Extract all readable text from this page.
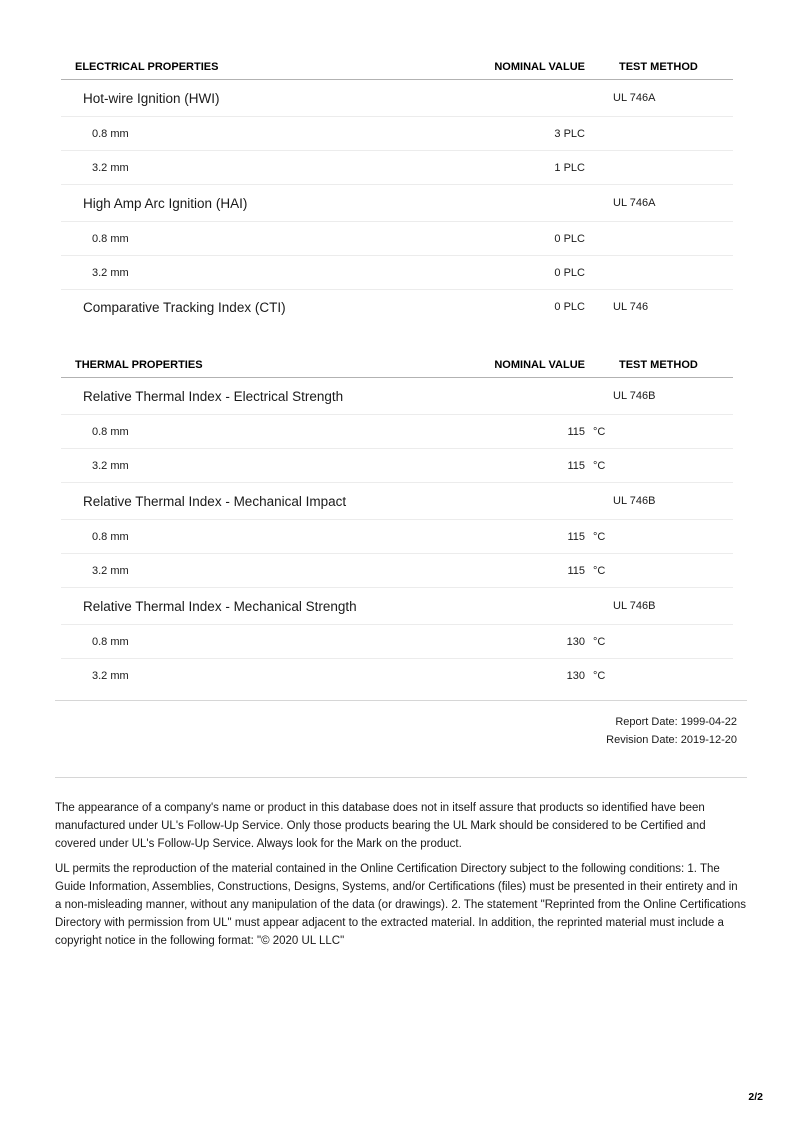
ELECTRICAL PROPERTIES	NOMINAL VALUE	TEST METHOD
Hot-wire Ignition (HWI)	UL 746A
0.8 mm	3 PLC
3.2 mm	1 PLC
High Amp Arc Ignition (HAI)	UL 746A
0.8 mm	0 PLC
3.2 mm	0 PLC
Comparative Tracking Index (CTI)	0 PLC	UL 746
THERMAL PROPERTIES	NOMINAL VALUE	TEST METHOD
Relative Thermal Index - Electrical Strength	UL 746B
0.8 mm	115 °C
3.2 mm	115 °C
Relative Thermal Index - Mechanical Impact	UL 746B
0.8 mm	115 °C
3.2 mm	115 °C
Relative Thermal Index - Mechanical Strength	UL 746B
0.8 mm	130 °C
3.2 mm	130 °C
Report Date: 1999-04-22
Revision Date: 2019-12-20

The appearance of a company's name or product in this database does not in itself assure that products so identified have been manufactured under UL's Follow-Up Service. Only those products bearing the UL Mark should be considered to be Certified and covered under UL's Follow-Up Service. Always look for the Mark on the product.

UL permits the reproduction of the material contained in the Online Certification Directory subject to the following conditions: 1. The Guide Information, Assemblies, Constructions, Designs, Systems, and/or Certifications (files) must be presented in their entirety and in a non-misleading manner, without any manipulation of the data (or drawings). 2. The statement "Reprinted from the Online Certifications Directory with permission from UL" must appear adjacent to the extracted material. In addition, the reprinted material must include a copyright notice in the following format: "© 2020 UL LLC"

2/2
